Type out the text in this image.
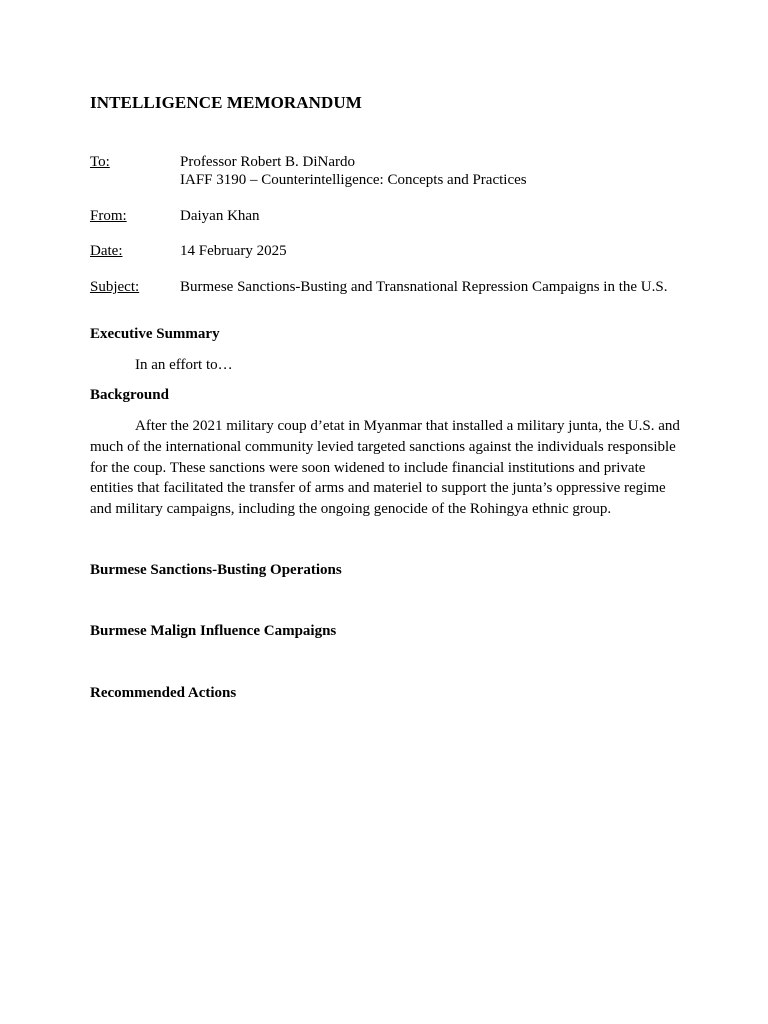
INTELLIGENCE MEMORANDUM
To:	Professor Robert B. DiNardo
IAFF 3190 – Counterintelligence: Concepts and Practices
From:	Daiyan Khan
Date:	14 February 2025
Subject:	Burmese Sanctions-Busting and Transnational Repression Campaigns in the U.S.
Executive Summary
In an effort to…
Background
After the 2021 military coup d’etat in Myanmar that installed a military junta, the U.S. and much of the international community levied targeted sanctions against the individuals responsible for the coup. These sanctions were soon widened to include financial institutions and private entities that facilitated the transfer of arms and materiel to support the junta’s oppressive regime and military campaigns, including the ongoing genocide of the Rohingya ethnic group.
Burmese Sanctions-Busting Operations
Burmese Malign Influence Campaigns
Recommended Actions
